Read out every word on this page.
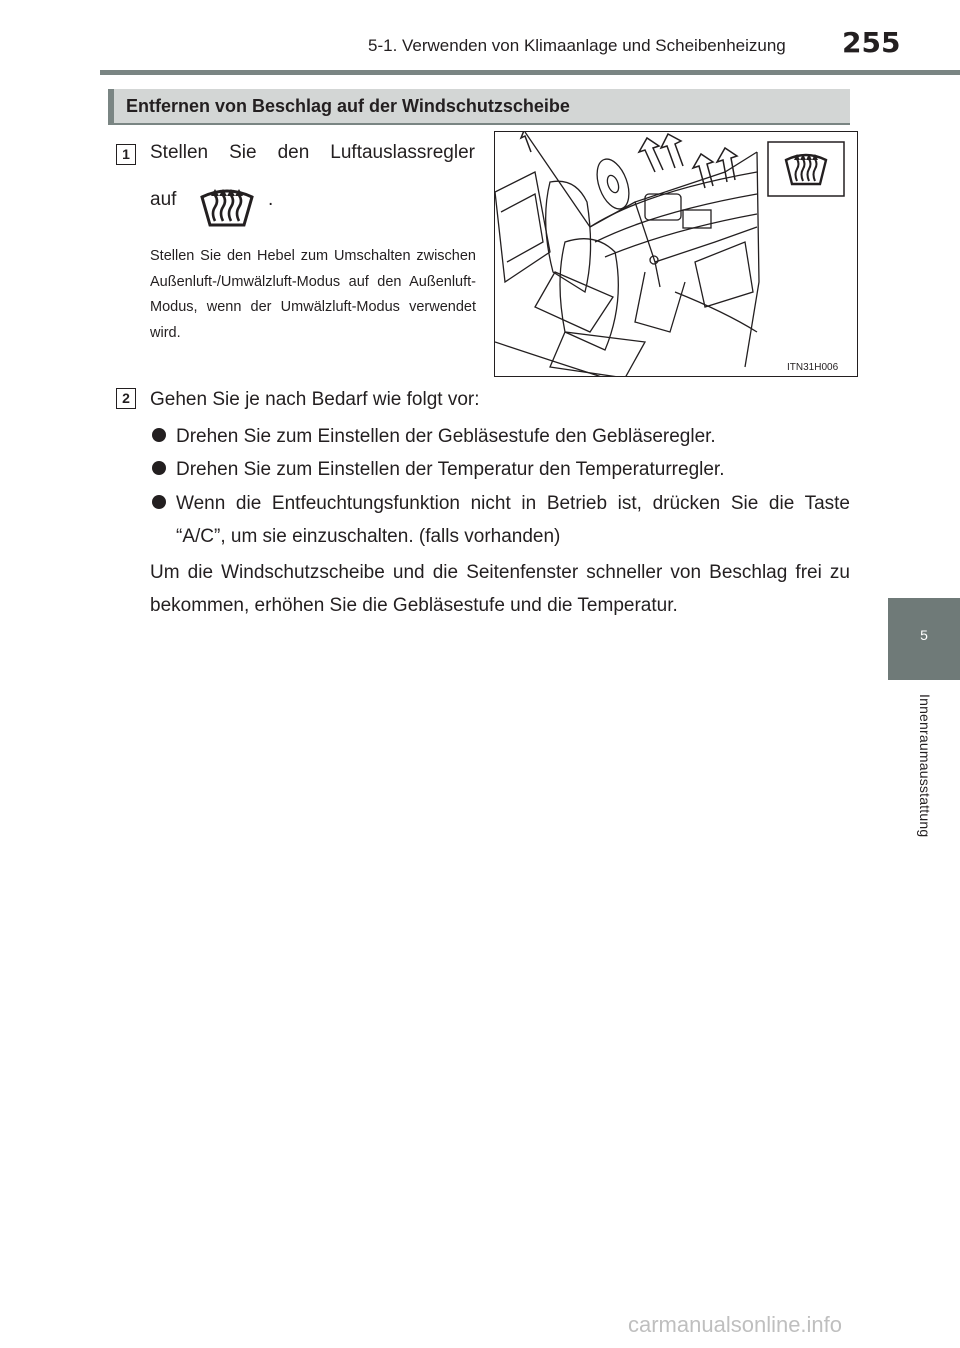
5-1. Verwenden von Klimaanlage und Scheibenheizung 255
5
Innenraumausstattung
Entfernen von Beschlag auf der Windschutzscheibe
1	Stellen Sie den Luftauslassregler
auf	.
Stellen Sie den Hebel zum Umschalten zwischen Außenluft-/Umwälzluft-Modus auf den Außenluft-Modus, wenn der Umwälzluft-Modus verwendet wird.
ITN31H006
2	Gehen Sie je nach Bedarf wie folgt vor:
Drehen Sie zum Einstellen der Gebläsestufe den Gebläseregler.
Drehen Sie zum Einstellen der Temperatur den Temperaturregler.
Wenn die Entfeuchtungsfunktion nicht in Betrieb ist, drücken Sie die Taste “A/C”, um sie einzuschalten. (falls vorhanden)
Um die Windschutzscheibe und die Seitenfenster schneller von Beschlag frei zu bekommen, erhöhen Sie die Gebläsestufe und die Temperatur.
carmanualsonline.info
